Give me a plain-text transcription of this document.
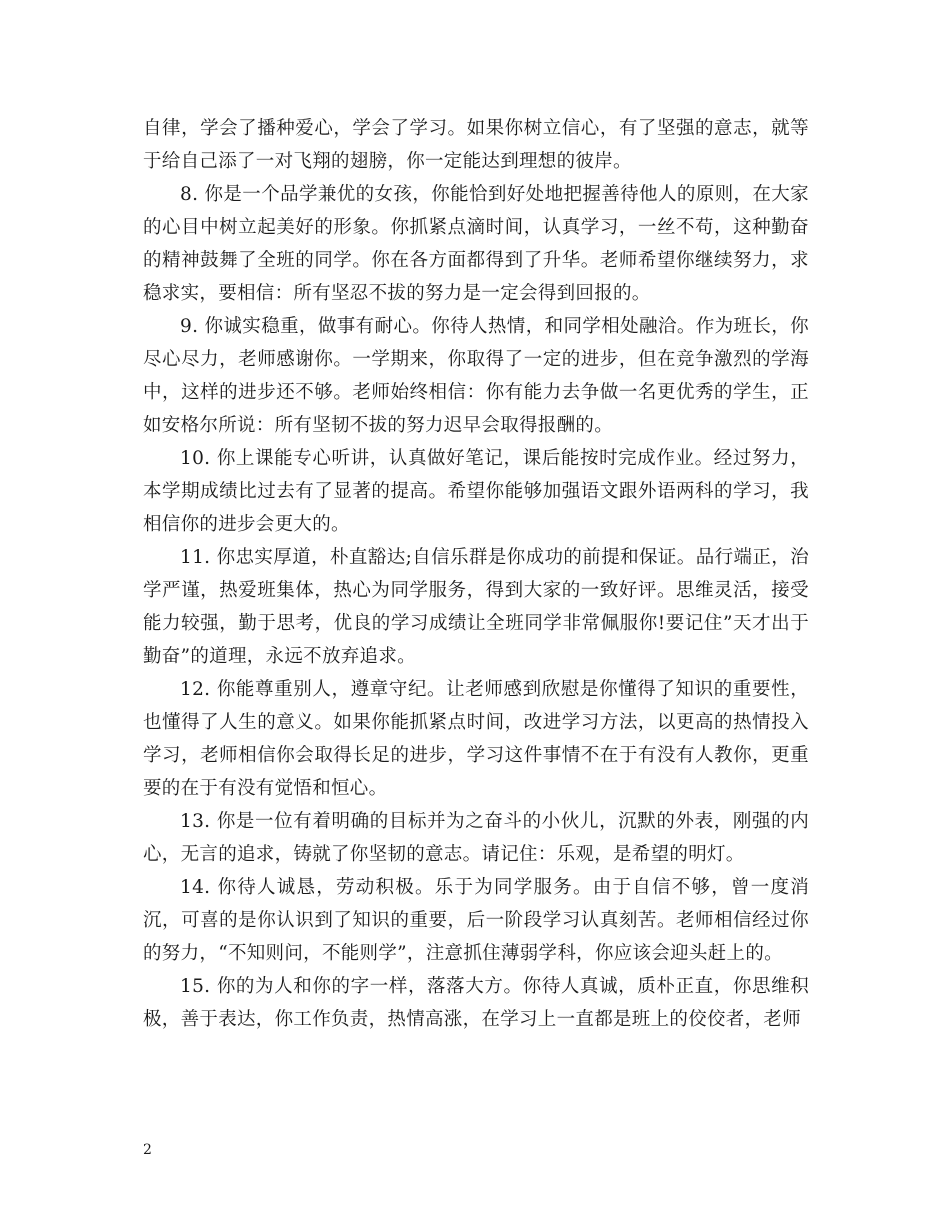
自律，学会了播种爱心，学会了学习。如果你树立信心，有了坚强的意志，就等于给自己添了一对飞翔的翅膀，你一定能达到理想的彼岸。

8. 你是一个品学兼优的女孩，你能恰到好处地把握善待他人的原则，在大家的心目中树立起美好的形象。你抓紧点滴时间，认真学习，一丝不苟，这种勤奋的精神鼓舞了全班的同学。你在各方面都得到了升华。老师希望你继续努力，求稳求实，要相信：所有坚忍不拔的努力是一定会得到回报的。

9. 你诚实稳重，做事有耐心。你待人热情，和同学相处融洽。作为班长，你尽心尽力，老师感谢你。一学期来，你取得了一定的进步，但在竞争激烈的学海中，这样的进步还不够。老师始终相信：你有能力去争做一名更优秀的学生，正如安格尔所说：所有坚韧不拔的努力迟早会取得报酬的。

10. 你上课能专心听讲，认真做好笔记，课后能按时完成作业。经过努力，本学期成绩比过去有了显著的提高。希望你能够加强语文跟外语两科的学习，我相信你的进步会更大的。

11. 你忠实厚道，朴直豁达;自信乐群是你成功的前提和保证。品行端正，治学严谨，热爱班集体，热心为同学服务，得到大家的一致好评。思维灵活，接受能力较强，勤于思考，优良的学习成绩让全班同学非常佩服你!要记住”天才出于勤奋”的道理，永远不放弃追求。

12. 你能尊重别人，遵章守纪。让老师感到欣慰是你懂得了知识的重要性，也懂得了人生的意义。如果你能抓紧点时间，改进学习方法，以更高的热情投入学习，老师相信你会取得长足的进步，学习这件事情不在于有没有人教你，更重要的在于有没有觉悟和恒心。

13. 你是一位有着明确的目标并为之奋斗的小伙儿，沉默的外表，刚强的内心，无言的追求，铸就了你坚韧的意志。请记住：乐观，是希望的明灯。

14. 你待人诚恳，劳动积极。乐于为同学服务。由于自信不够，曾一度消沉，可喜的是你认识到了知识的重要，后一阶段学习认真刻苦。老师相信经过你的努力，“不知则问，不能则学”，注意抓住薄弱学科，你应该会迎头赶上的。

15. 你的为人和你的字一样，落落大方。你待人真诚，质朴正直，你思维积极，善于表达，你工作负责，热情高涨，在学习上一直都是班上的佼佼者，老师

2
